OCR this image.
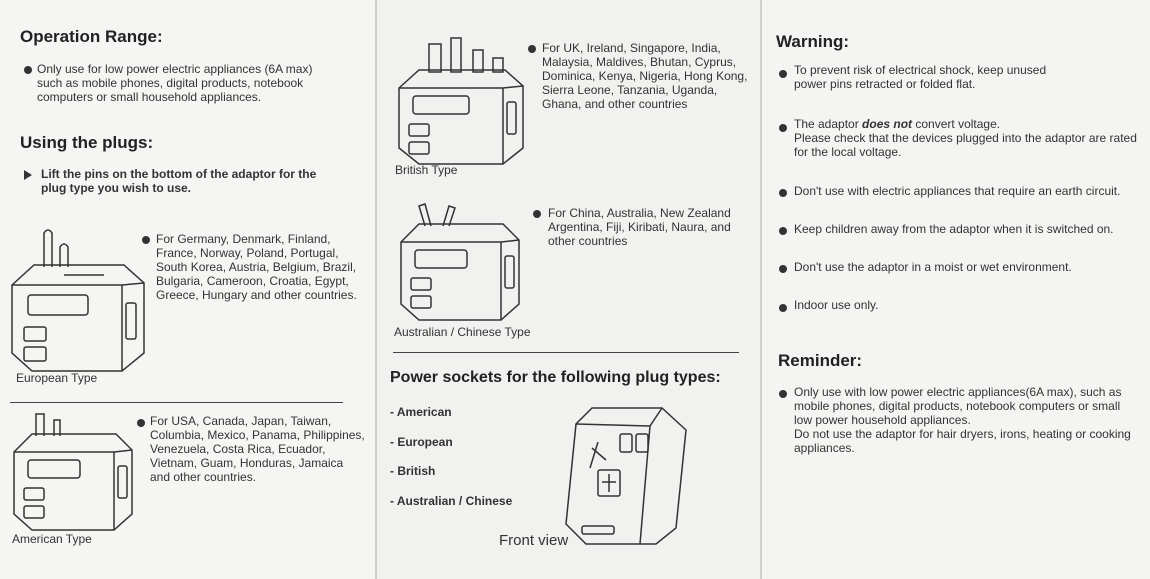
Operation Range:
Only use for low power electric appliances (6A max) such as mobile phones, digital products, notebook computers or small household appliances.
Using the plugs:
Lift the pins on the bottom of the adaptor for the plug type you wish to use.
For Germany, Denmark, Finland, France, Norway, Poland, Portugal, South Korea, Austria, Belgium, Brazil, Bulgaria, Cameroon, Croatia, Egypt, Greece, Hungary and other countries.
European Type
For USA, Canada, Japan, Taiwan, Columbia, Mexico, Panama, Philippines, Venezuela, Costa Rica, Ecuador, Vietnam, Guam, Honduras, Jamaica and other countries.
American Type
For UK, Ireland, Singapore, India, Malaysia, Maldives, Bhutan, Cyprus, Dominica, Kenya, Nigeria, Hong Kong, Sierra Leone, Tanzania, Uganda, Ghana, and other countries
British Type
For China, Australia, New Zealand Argentina, Fiji, Kiribati, Naura, and other countries
Australian / Chinese Type
Power sockets for the following plug types:
- American
- European
- British
- Australian / Chinese
Front view
Warning:
To prevent risk of electrical shock, keep unused power pins retracted or folded flat.
The adaptor does not convert voltage.
Please check that the devices plugged into the adaptor are rated for the local voltage.
Don't use with electric appliances that require an earth circuit.
Keep children away from the adaptor when it is switched on.
Don't use the adaptor in a moist or wet environment.
Indoor use only.
Reminder:
Only use with low power electric appliances(6A max), such as mobile phones, digital products, notebook computers or small low power household appliances.
Do not use the adaptor for hair dryers, irons, heating or cooking appliances.
